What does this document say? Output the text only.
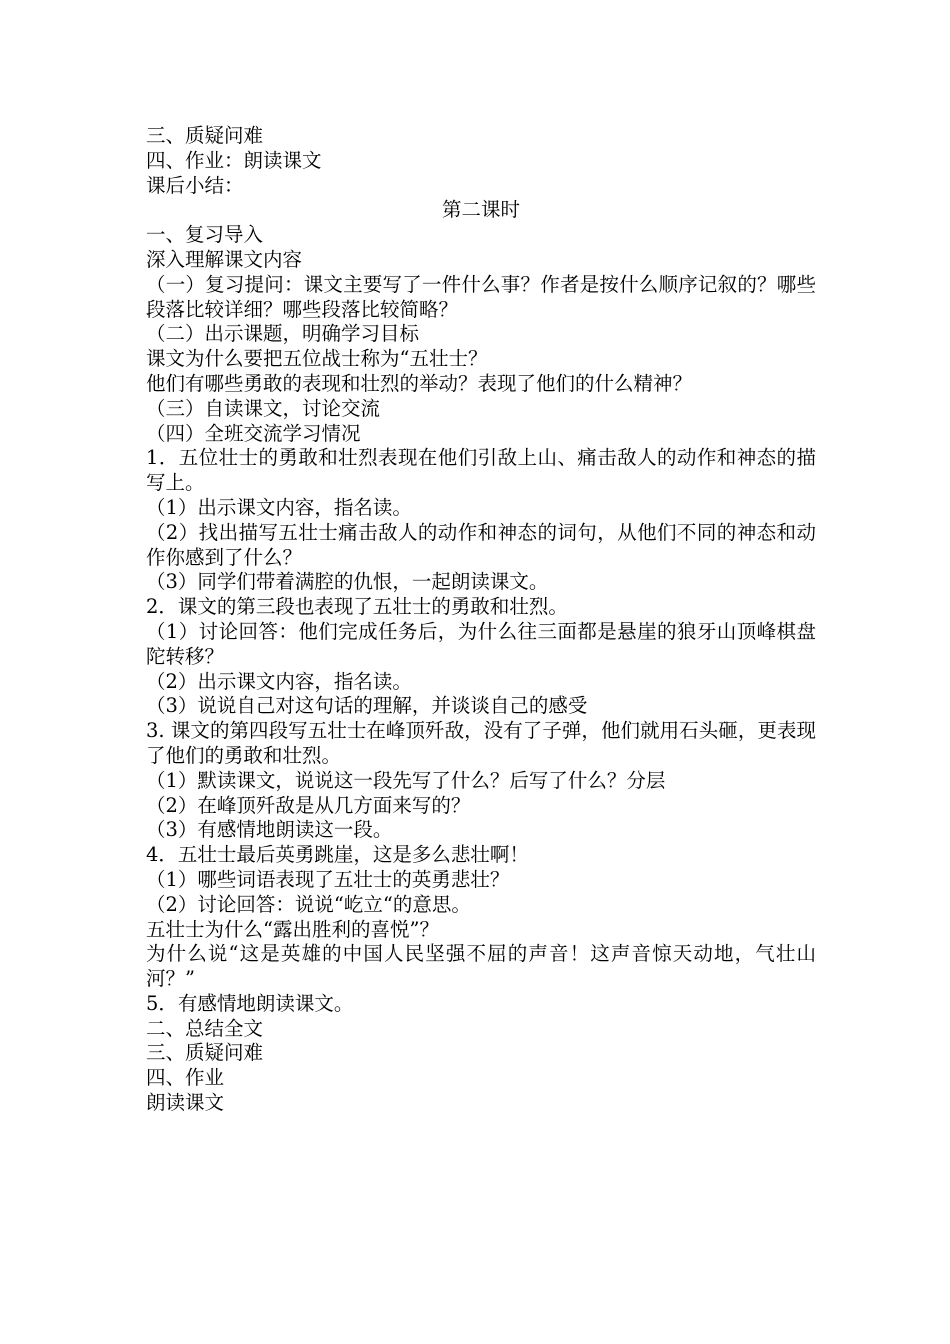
三、质疑问难
四、作业：朗读课文
课后小结：
第二课时
一、复习导入
深入理解课文内容
（一）复习提问：课文主要写了一件什么事？作者是按什么顺序记叙的？哪些段落比较详细？哪些段落比较简略？
（二）出示课题，明确学习目标
课文为什么要把五位战士称为“五壮士？
他们有哪些勇敢的表现和壮烈的举动？表现了他们的什么精神？
（三）自读课文，讨论交流
（四）全班交流学习情况
1．五位壮士的勇敢和壮烈表现在他们引敌上山、痛击敌人的动作和神态的描写上。
（1）出示课文内容，指名读。
（2）找出描写五壮士痛击敌人的动作和神态的词句，从他们不同的神态和动作你感到了什么？
（3）同学们带着满腔的仇恨，一起朗读课文。
2．课文的第三段也表现了五壮士的勇敢和壮烈。
（1）讨论回答：他们完成任务后，为什么往三面都是悬崖的狼牙山顶峰棋盘陀转移？
（2）出示课文内容，指名读。
（3）说说自己对这句话的理解，并谈谈自己的感受
3. 课文的第四段写五壮士在峰顶歼敌，没有了子弹，他们就用石头砸，更表现了他们的勇敢和壮烈。
（1）默读课文，说说这一段先写了什么？后写了什么？分层
（2）在峰顶歼敌是从几方面来写的？
（3）有感情地朗读这一段。
4．五壮士最后英勇跳崖，这是多么悲壮啊！
（1）哪些词语表现了五壮士的英勇悲壮？
（2）讨论回答：说说“屹立“的意思。
五壮士为什么“露出胜利的喜悦”？
为什么说“这是英雄的中国人民坚强不屈的声音！这声音惊天动地，气壮山河？”
5．有感情地朗读课文。
二、总结全文
三、质疑问难
四、作业
朗读课文
